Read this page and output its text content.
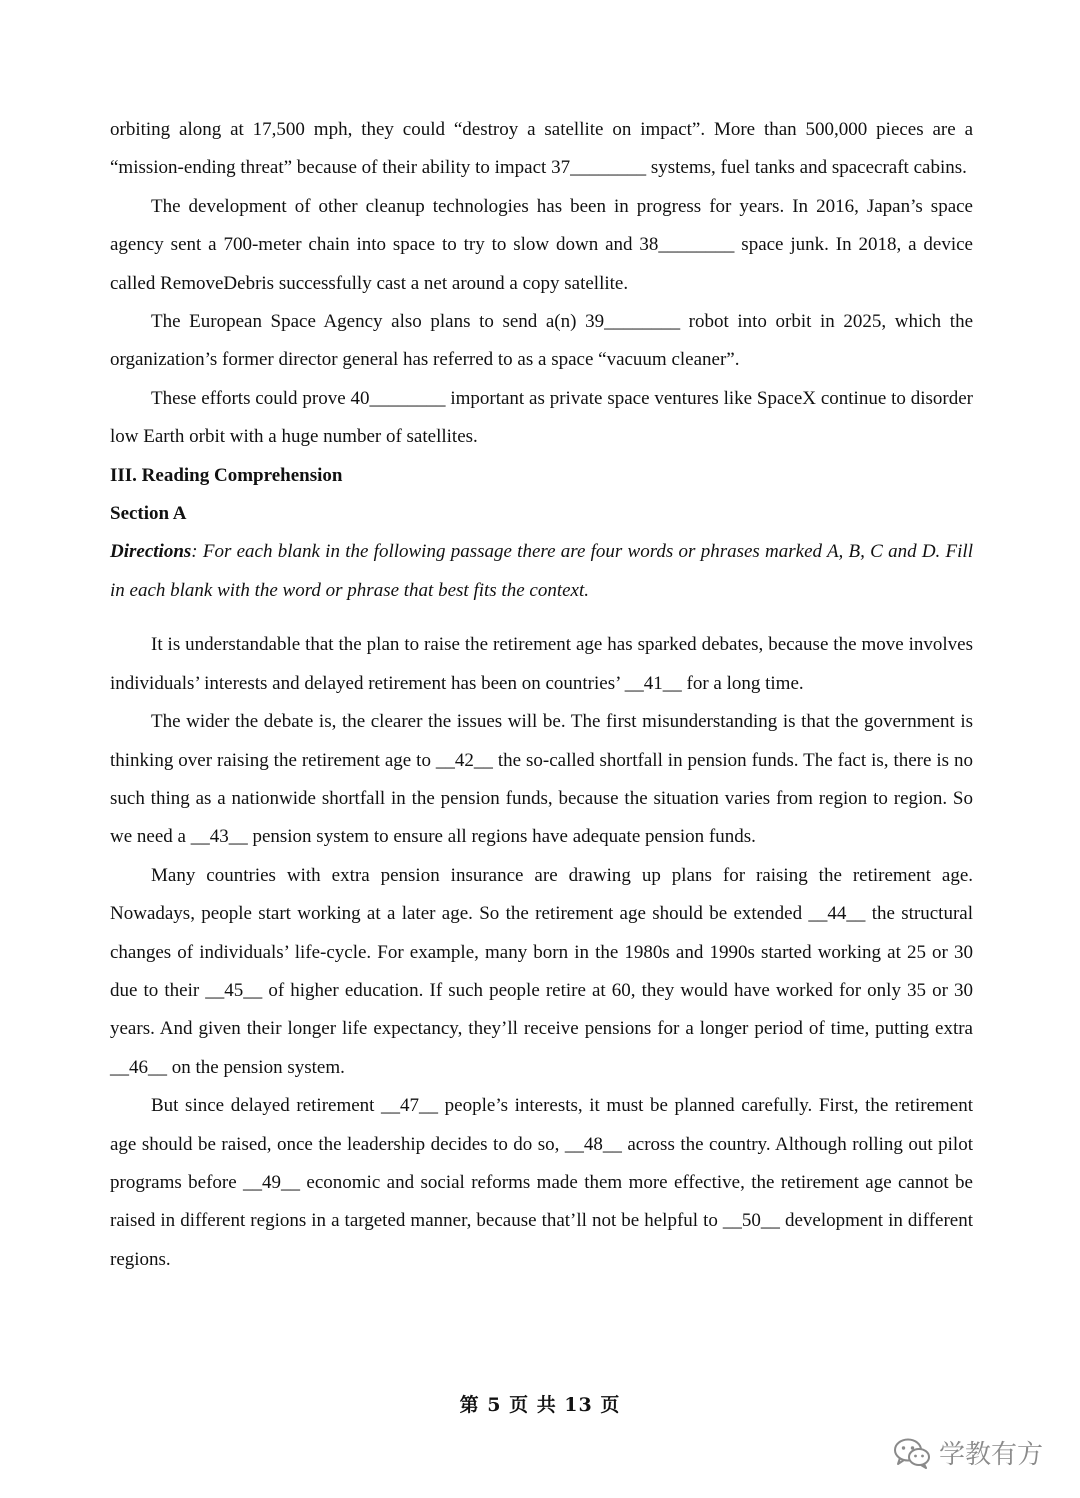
orbiting along at 17,500 mph, they could “destroy a satellite on impact”. More than 500,000 pieces are a “mission-ending threat” because of their ability to impact 37________ systems, fuel tanks and spacecraft cabins.

The development of other cleanup technologies has been in progress for years. In 2016, Japan’s space agency sent a 700-meter chain into space to try to slow down and 38________ space junk. In 2018, a device called RemoveDebris successfully cast a net around a copy satellite.

The European Space Agency also plans to send a(n) 39________ robot into orbit in 2025, which the organization’s former director general has referred to as a space “vacuum cleaner”.

These efforts could prove 40________ important as private space ventures like SpaceX continue to disorder low Earth orbit with a huge number of satellites.

III. Reading Comprehension

Section A

Directions: For each blank in the following passage there are four words or phrases marked A, B, C and D. Fill in each blank with the word or phrase that best fits the context.

It is understandable that the plan to raise the retirement age has sparked debates, because the move involves individuals’ interests and delayed retirement has been on countries’ __41__ for a long time.

The wider the debate is, the clearer the issues will be. The first misunderstanding is that the government is thinking over raising the retirement age to __42__ the so-called shortfall in pension funds. The fact is, there is no such thing as a nationwide shortfall in the pension funds, because the situation varies from region to region. So we need a __43__ pension system to ensure all regions have adequate pension funds.

Many countries with extra pension insurance are drawing up plans for raising the retirement age. Nowadays, people start working at a later age. So the retirement age should be extended __44__ the structural changes of individuals’ life-cycle. For example, many born in the 1980s and 1990s started working at 25 or 30 due to their __45__ of higher education. If such people retire at 60, they would have worked for only 35 or 30 years. And given their longer life expectancy, they’ll receive pensions for a longer period of time, putting extra __46__ on the pension system.

But since delayed retirement __47__ people’s interests, it must be planned carefully. First, the retirement age should be raised, once the leadership decides to do so, __48__ across the country. Although rolling out pilot programs before __49__ economic and social reforms made them more effective, the retirement age cannot be raised in different regions in a targeted manner, because that’ll not be helpful to __50__ development in different regions.

第 5 页 共 13 页
学教有方
